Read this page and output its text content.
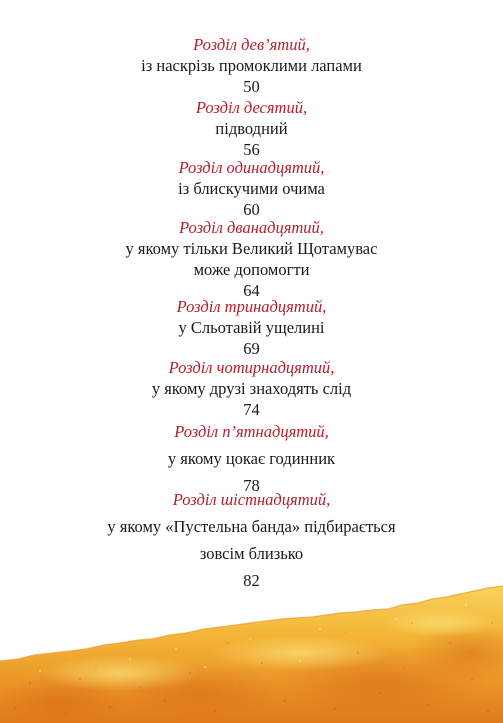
Розділ дев’ятий,
із наскрізь промоклими лапами
50
Розділ десятий,
підводний
56
Розділ одинадцятий,
із блискучими очима
60
Розділ дванадцятий,
у якому тільки Великий Щотамувас
може допомогти
64
Розділ тринадцятий,
у Сльотавій ущелині
69
Розділ чотирнадцятий,
у якому друзі знаходять слід
74
Розділ п’ятнадцятий,
у якому цокає годинник
78
Розділ шістнадцятий,
у якому «Пустельна банда» підбирається
зовсім близько
82
